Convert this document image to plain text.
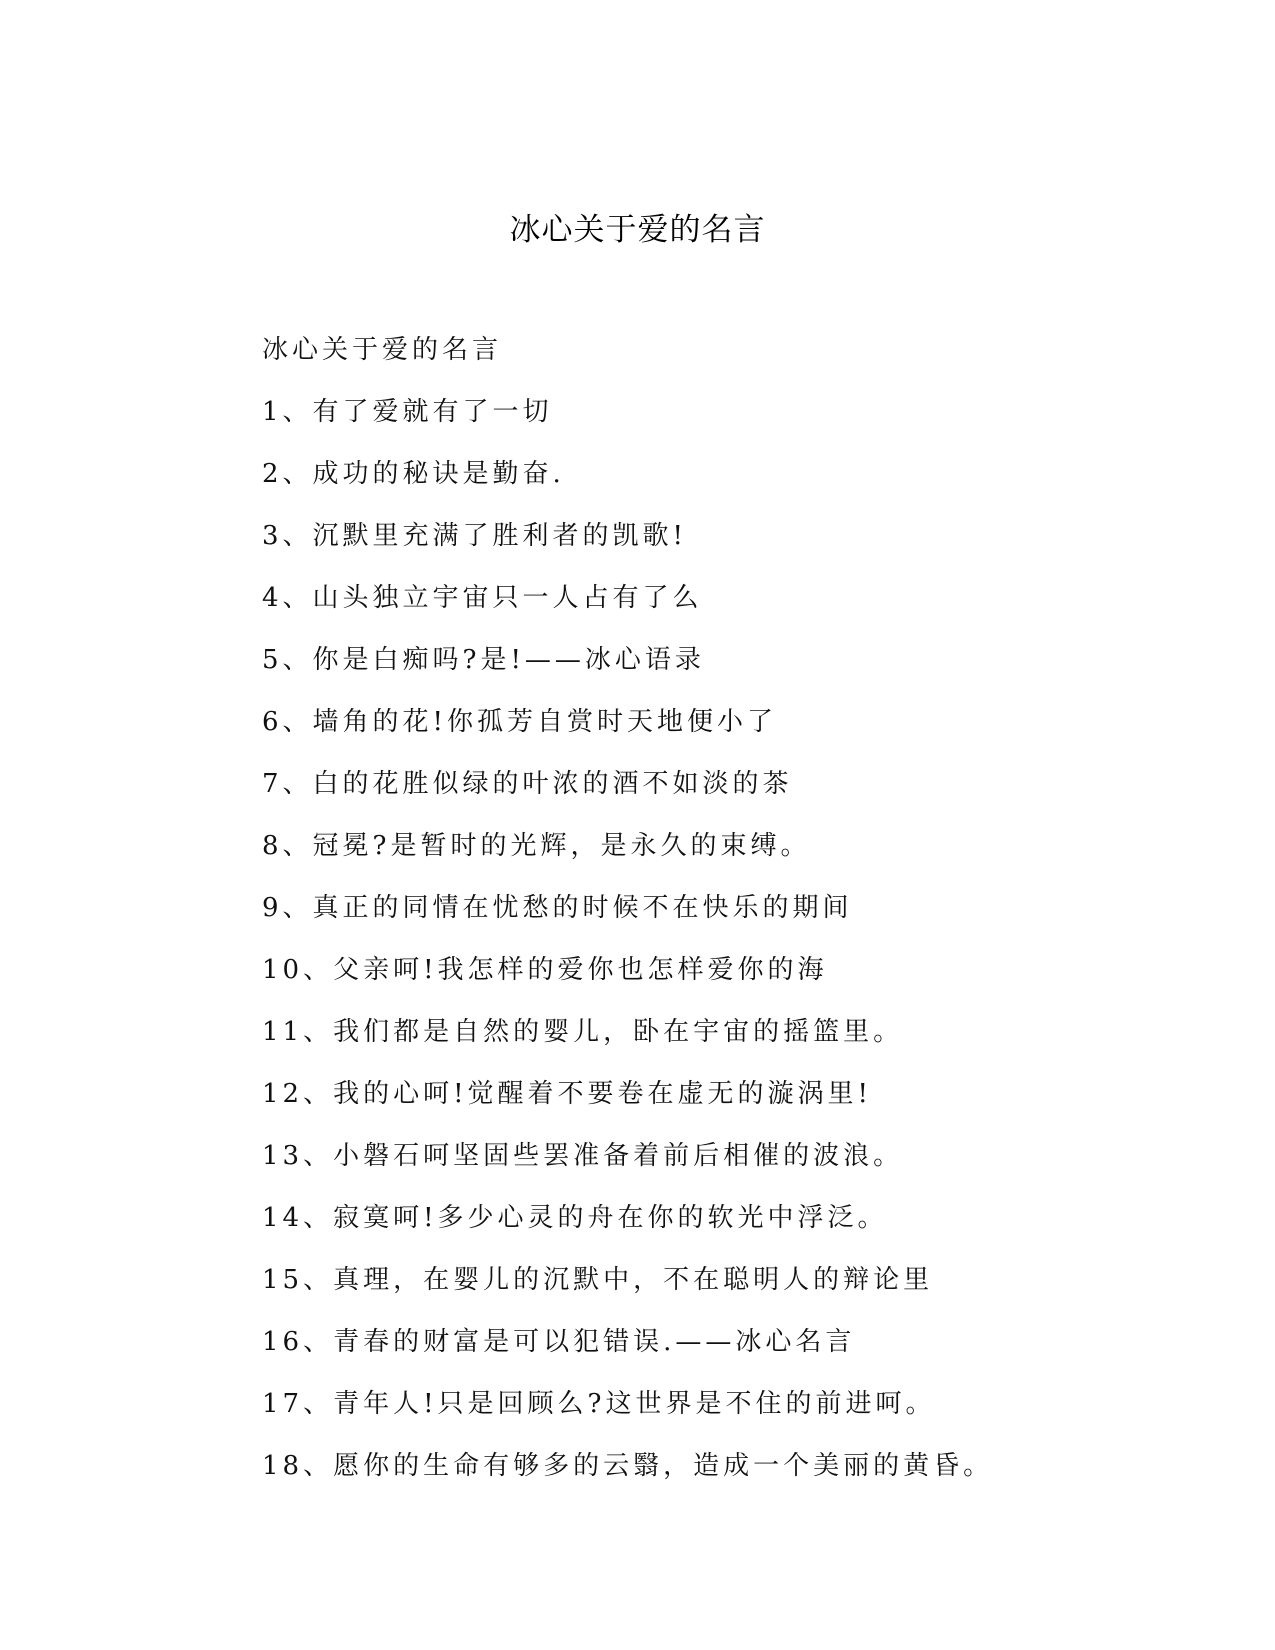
冰心关于爱的名言
冰心关于爱的名言
1、有了爱就有了一切
2、成功的秘诀是勤奋.
3、沉默里充满了胜利者的凯歌!
4、山头独立宇宙只一人占有了么
5、你是白痴吗?是!——冰心语录
6、墙角的花!你孤芳自赏时天地便小了
7、白的花胜似绿的叶浓的酒不如淡的茶
8、冠冕?是暂时的光辉，是永久的束缚。
9、真正的同情在忧愁的时候不在快乐的期间
10、父亲呵!我怎样的爱你也怎样爱你的海
11、我们都是自然的婴儿，卧在宇宙的摇篮里。
12、我的心呵!觉醒着不要卷在虚无的漩涡里!
13、小磐石呵坚固些罢准备着前后相催的波浪。
14、寂寞呵!多少心灵的舟在你的软光中浮泛。
15、真理，在婴儿的沉默中，不在聪明人的辩论里
16、青春的财富是可以犯错误.——冰心名言
17、青年人!只是回顾么?这世界是不住的前进呵。
18、愿你的生命有够多的云翳，造成一个美丽的黄昏。
